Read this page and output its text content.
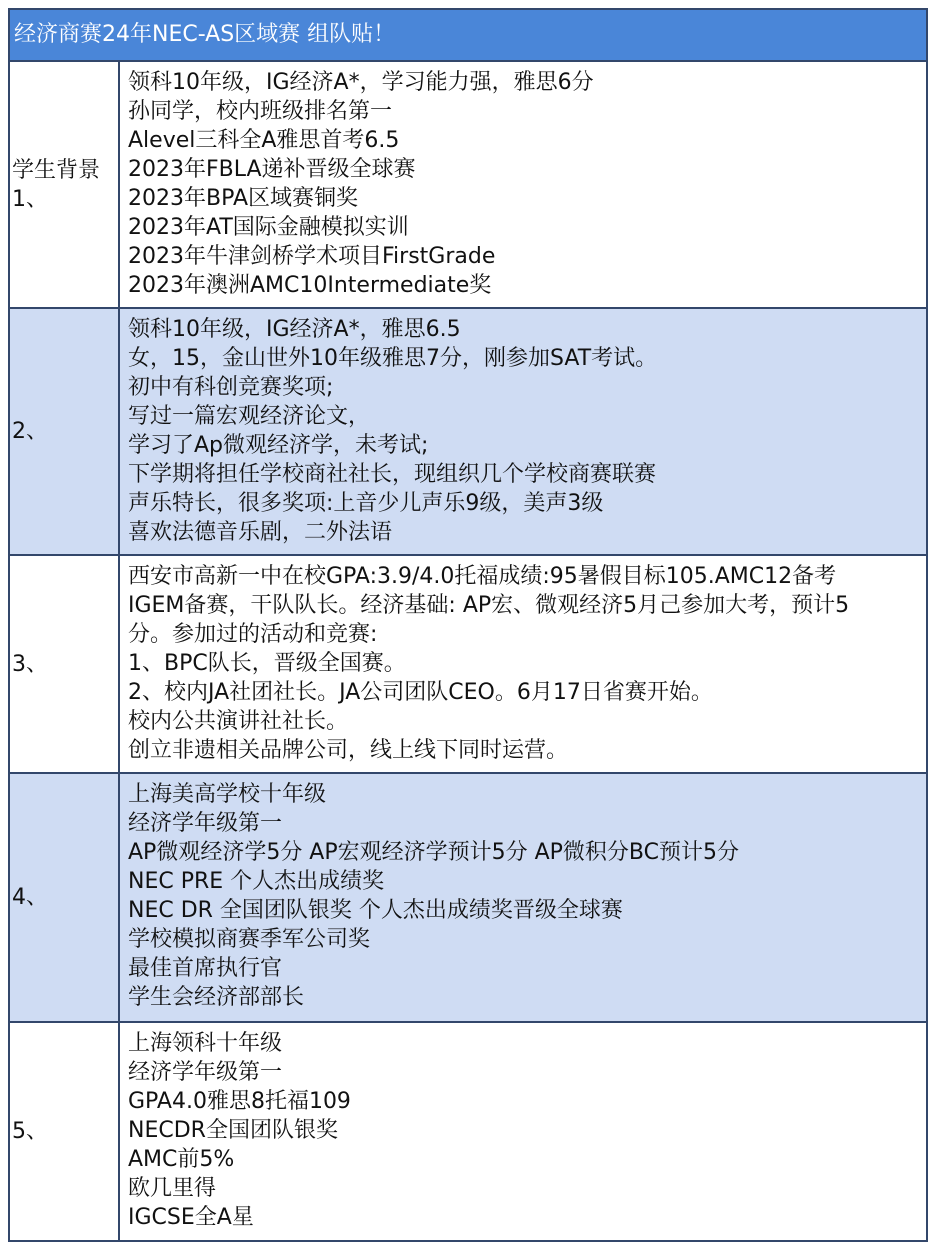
经济商赛24年NEC-AS区域赛 组队贴！
学生背景
1、
领科10年级，IG经济A*，学习能力强，雅思6分
孙同学，校内班级排名第一
Alevel三科全A雅思首考6.5
2023年FBLA递补晋级全球赛
2023年BPA区域赛铜奖
2023年AT国际金融模拟实训
2023年牛津剑桥学术项目FirstGrade
2023年澳洲AMC10Intermediate奖
2、
领科10年级，IG经济A*，雅思6.5
女，15，金山世外10年级雅思7分，刚参加SAT考试。
初中有科创竞赛奖项;
写过一篇宏观经济论文，
学习了Ap微观经济学，未考试;
下学期将担任学校商社社长，现组织几个学校商赛联赛
声乐特长，很多奖项:上音少儿声乐9级，美声3级
喜欢法德音乐剧，二外法语
3、
西安市高新一中在校GPA:3.9/4.0托福成绩:95暑假目标105.AMC12备考
IGEM备赛，干队队长。经济基础: AP宏、微观经济5月己参加大考，预计5
分。参加过的活动和竞赛:
1、BPC队长，晋级全国赛。
2、校内JA社团社长。JA公司团队CEO。6月17日省赛开始。
校内公共演讲社社长。
创立非遗相关品牌公司，线上线下同时运营。
4、
上海美高学校十年级
经济学年级第一
AP微观经济学5分 AP宏观经济学预计5分 AP微积分BC预计5分
NEC PRE 个人杰出成绩奖
NEC DR 全国团队银奖 个人杰出成绩奖晋级全球赛
学校模拟商赛季军公司奖
最佳首席执行官
学生会经济部部长
5、
上海领科十年级
经济学年级第一
GPA4.0雅思8托福109
NECDR全国团队银奖
AMC前5%
欧几里得
IGCSE全A星
